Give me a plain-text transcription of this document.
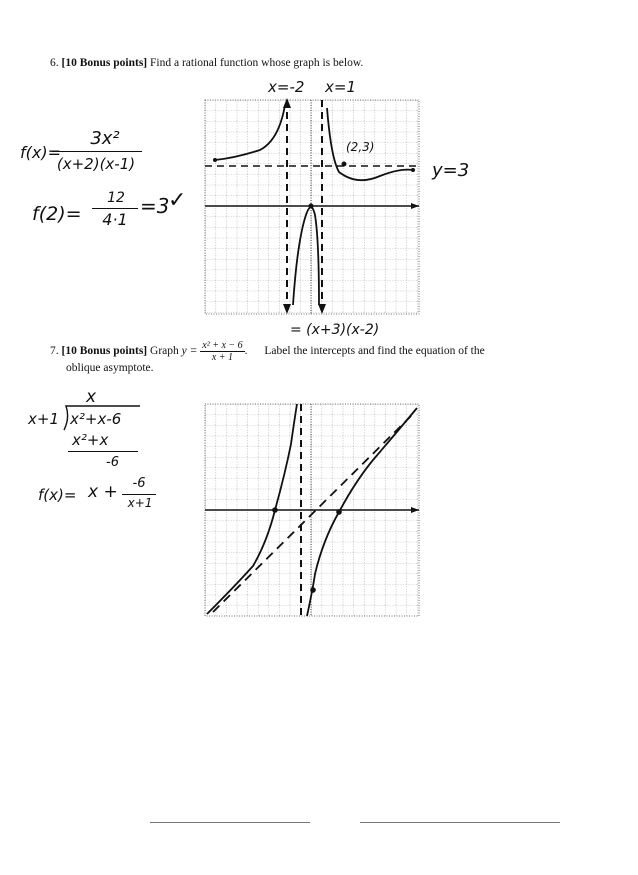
6. [10 Bonus points] Find a rational function whose graph is below.
x=-2 x=1
y=3
f(x)=
3x²
(x+2)(x-1)
f(2)=
12
4·1
=3
✓
7. [10 Bonus points] Graph $y = \frac{\text{x² + x − 6}}{x + 1}$ . Label the intercepts and find the equation of the
oblique asymptote.
= (x+3)(x-2)
x
x+1 x²+x-6
x²+x
-6
f(x)= x +	-6
x+1
